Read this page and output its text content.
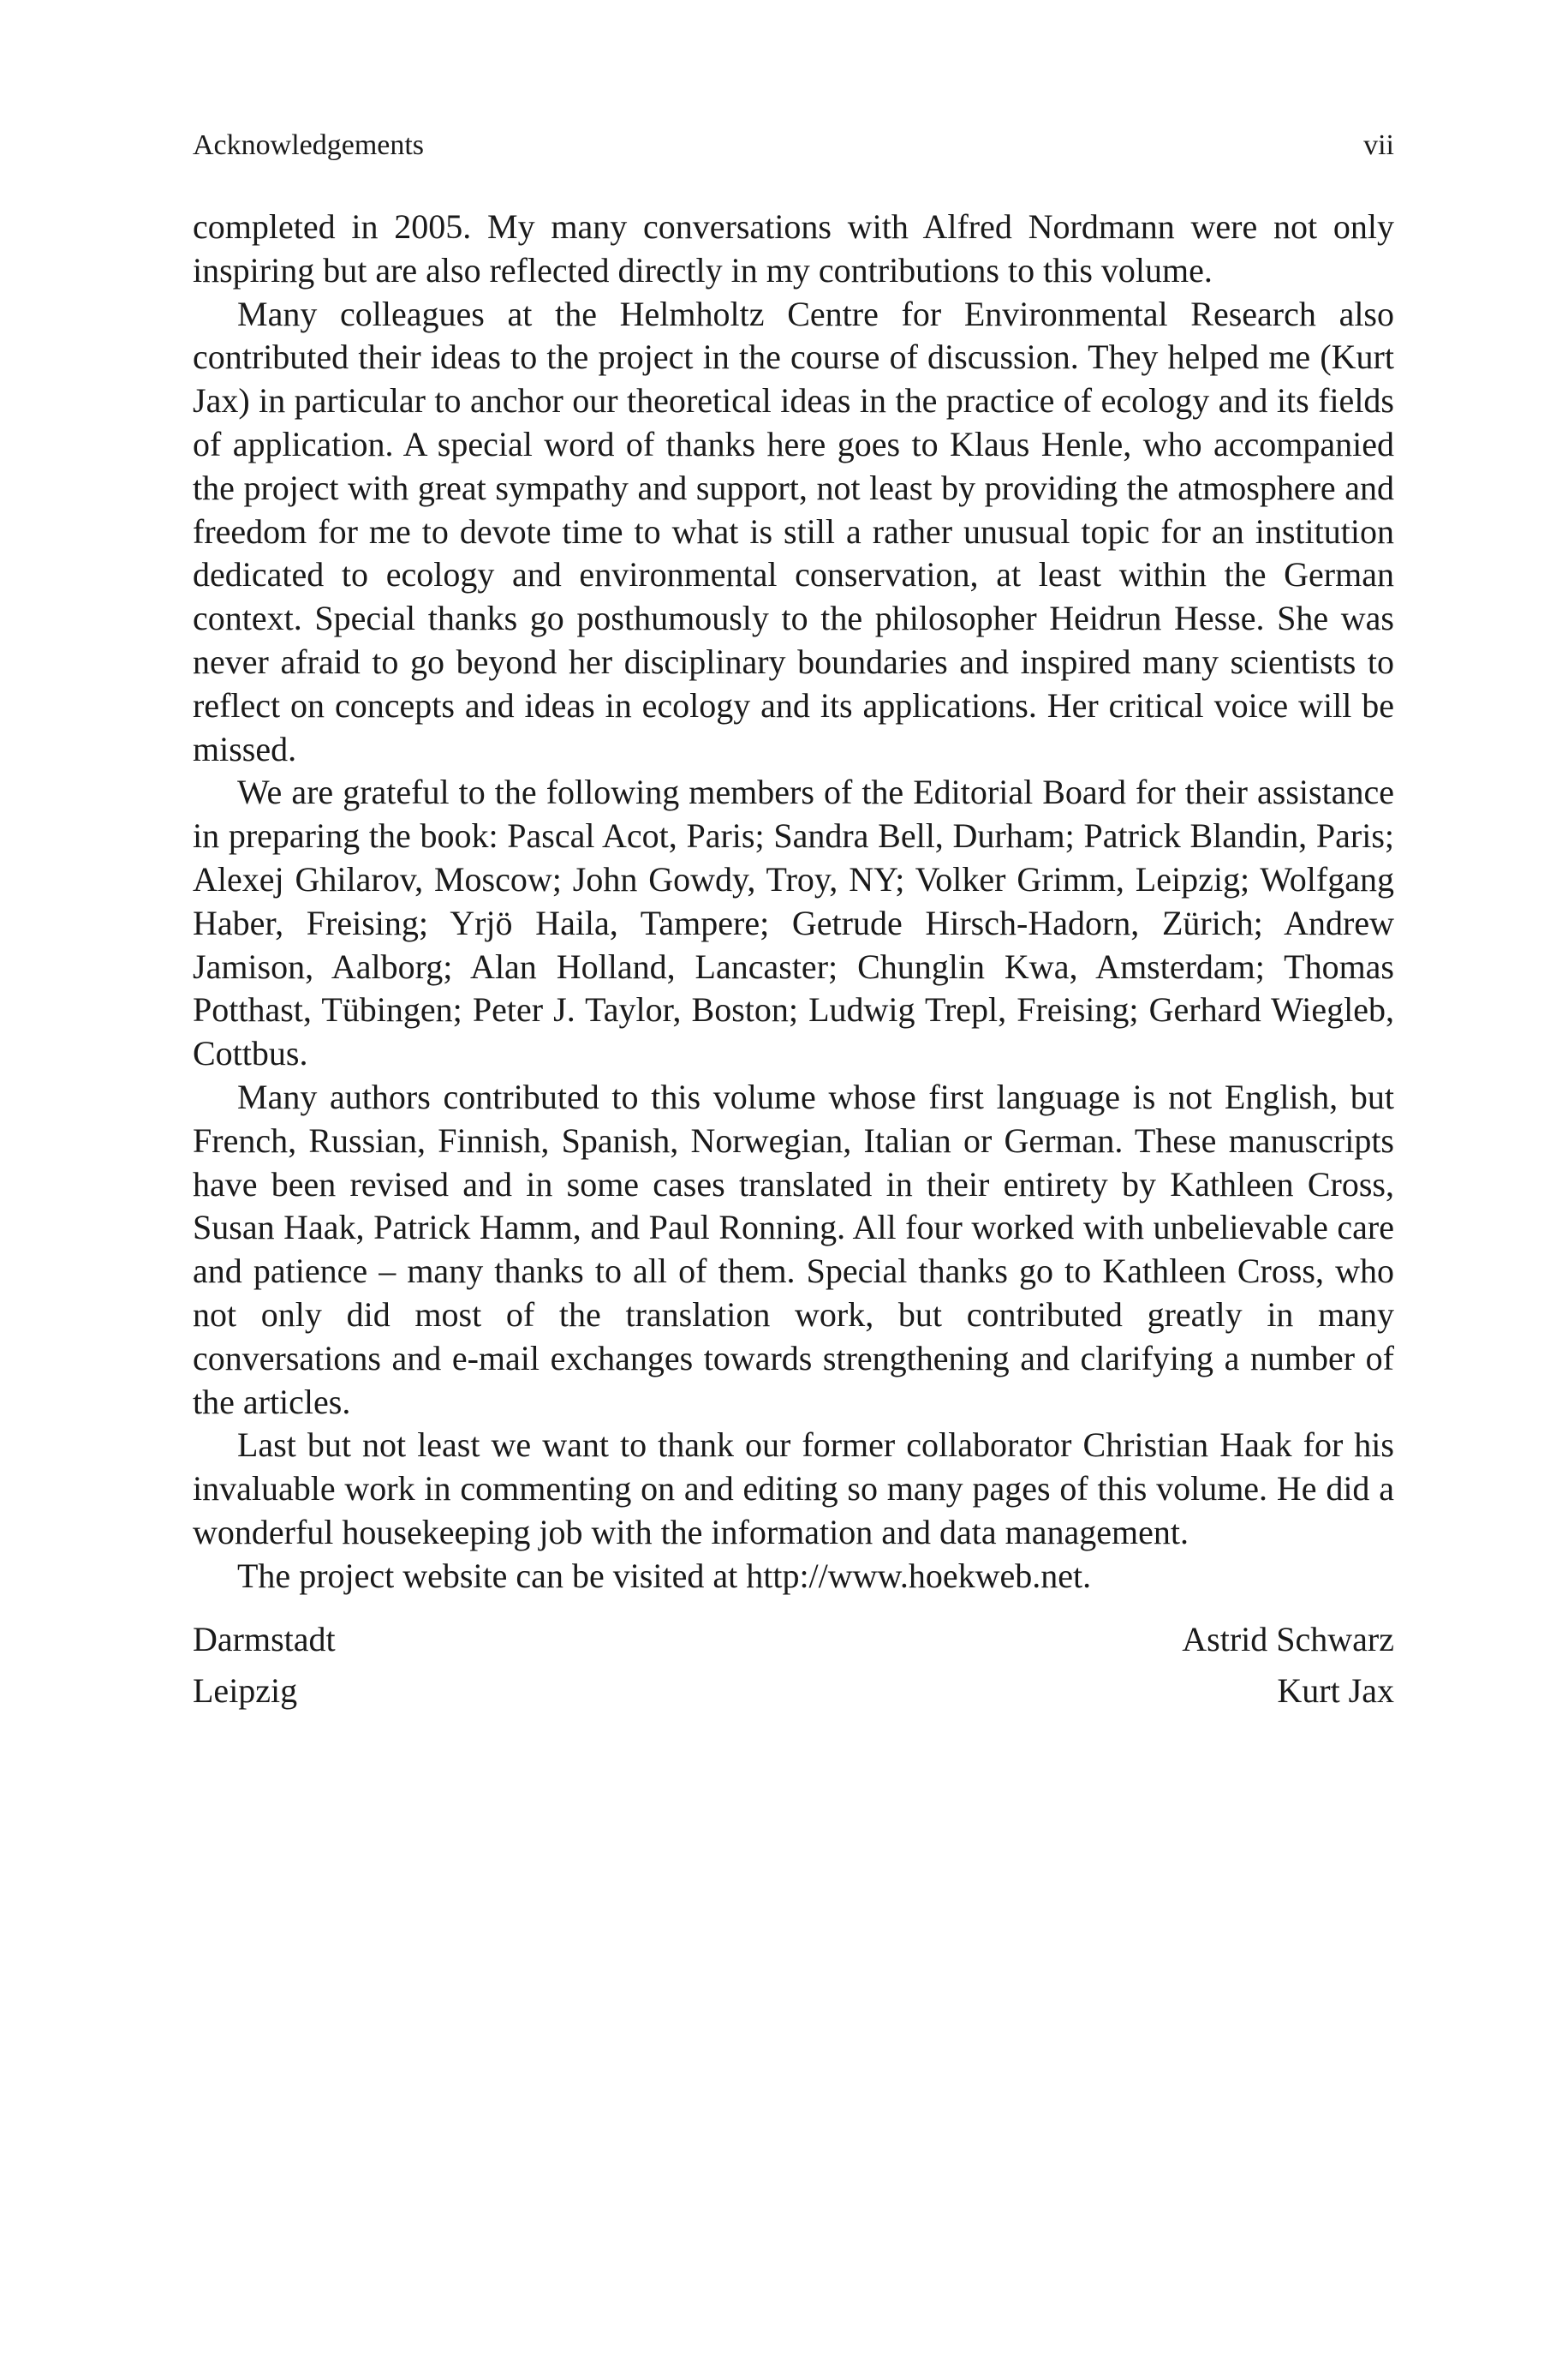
Acknowledgements	vii

completed in 2005. My many conversations with Alfred Nordmann were not only inspiring but are also reflected directly in my contributions to this volume.

Many colleagues at the Helmholtz Centre for Environmental Research also contributed their ideas to the project in the course of discussion. They helped me (Kurt Jax) in particular to anchor our theoretical ideas in the practice of ecology and its fields of application. A special word of thanks here goes to Klaus Henle, who accompanied the project with great sympathy and support, not least by providing the atmosphere and freedom for me to devote time to what is still a rather unusual topic for an institution dedicated to ecology and environmental conservation, at least within the German context. Special thanks go posthumously to the philosopher Heidrun Hesse. She was never afraid to go beyond her disciplinary boundaries and inspired many scientists to reflect on concepts and ideas in ecology and its applications. Her critical voice will be missed.

We are grateful to the following members of the Editorial Board for their assistance in preparing the book: Pascal Acot, Paris; Sandra Bell, Durham; Patrick Blandin, Paris; Alexej Ghilarov, Moscow; John Gowdy, Troy, NY; Volker Grimm, Leipzig; Wolfgang Haber, Freising; Yrjö Haila, Tampere; Getrude Hirsch-Hadorn, Zürich; Andrew Jamison, Aalborg; Alan Holland, Lancaster; Chunglin Kwa, Amsterdam; Thomas Potthast, Tübingen; Peter J. Taylor, Boston; Ludwig Trepl, Freising; Gerhard Wiegleb, Cottbus.

Many authors contributed to this volume whose first language is not English, but French, Russian, Finnish, Spanish, Norwegian, Italian or German. These manuscripts have been revised and in some cases translated in their entirety by Kathleen Cross, Susan Haak, Patrick Hamm, and Paul Ronning. All four worked with unbelievable care and patience – many thanks to all of them. Special thanks go to Kathleen Cross, who not only did most of the translation work, but contributed greatly in many conversations and e-mail exchanges towards strengthening and clarifying a number of the articles.

Last but not least we want to thank our former collaborator Christian Haak for his invaluable work in commenting on and editing so many pages of this volume. He did a wonderful housekeeping job with the information and data management.

The project website can be visited at http://www.hoekweb.net.

Darmstadt	Astrid Schwarz
Leipzig	Kurt Jax
